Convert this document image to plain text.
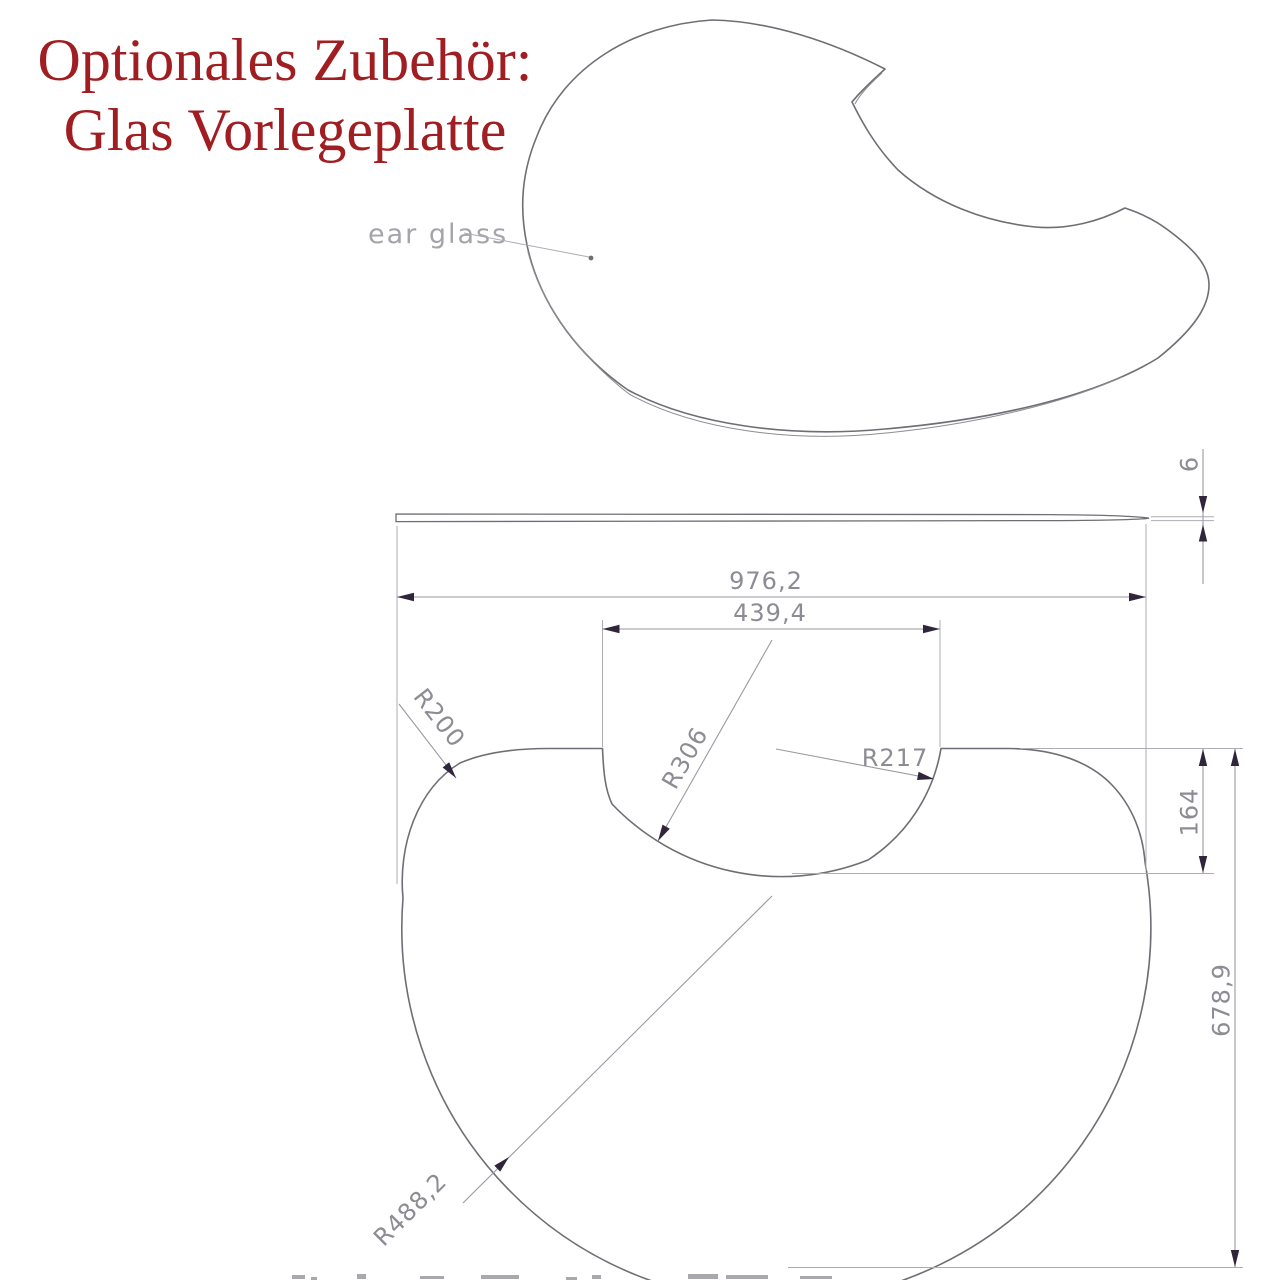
Optionales Zubehör:
Glas Vorlegeplatte
ear glass
6
976,2
439,4
R200
R306	R217
164
678,9
R488,2
